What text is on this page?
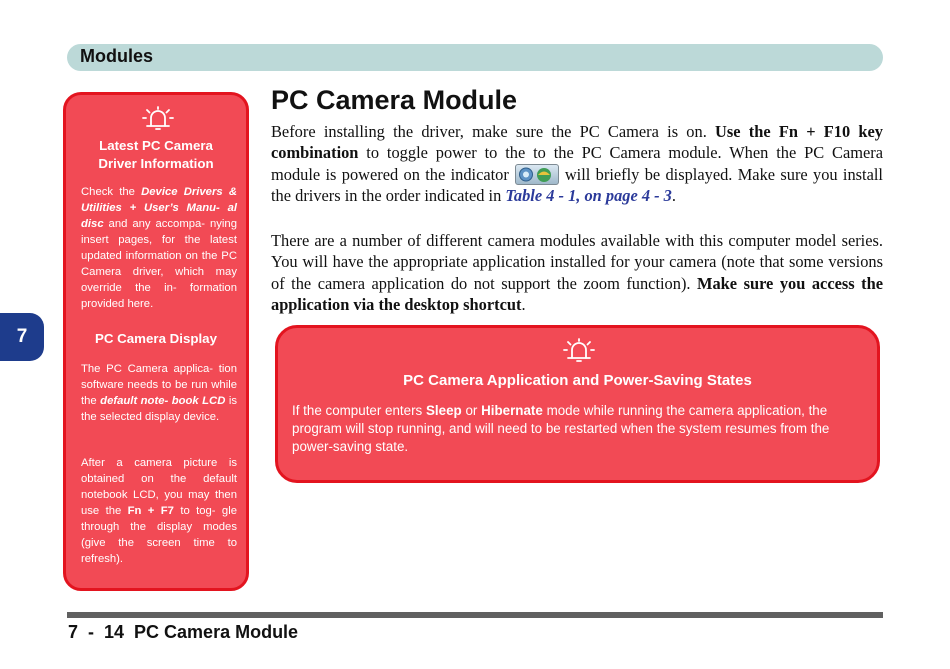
Modules
7
Latest PC Camera
Driver Information
Check the Device Drivers & Utilities + User’s Manu- al disc and any accompa- nying insert pages, for the latest updated information on the PC Camera driver, which may override the in- formation provided here.
PC Camera Display
The PC Camera applica- tion software needs to be run while the default note- book LCD is the selected display device.
After a camera picture is obtained on the default notebook LCD, you may then use the Fn + F7 to tog- gle through the display modes (give the screen time to refresh).
PC Camera Module
Before installing the driver, make sure the PC Camera is on. Use the Fn + F10 key combination to toggle power to the to the PC Camera module. When the PC Camera module is powered on the indicator	will briefly be displayed. Make sure you install the drivers in the order indicated in Table 4 - 1, on page 4 - 3.
There are a number of different camera modules available with this computer model series. You will have the appropriate application installed for your camera (note that some versions of the camera application do not support the zoom function). Make sure you access the application via the desktop shortcut.
PC Camera Application and Power-Saving States
If the computer enters Sleep or Hibernate mode while running the camera application, the program will stop running, and will need to be restarted when the system resumes from the power-saving state.
7  -  14  PC Camera Module
